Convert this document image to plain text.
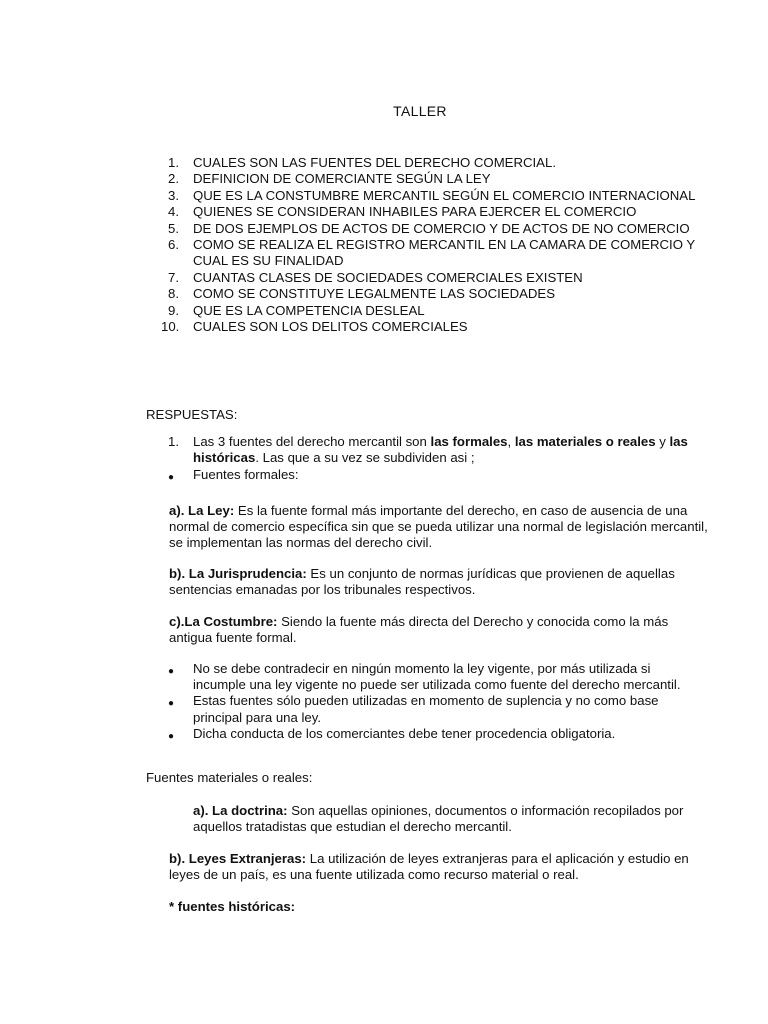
TALLER
1.	CUALES SON LAS FUENTES DEL DERECHO COMERCIAL.
2.	DEFINICION DE COMERCIANTE SEGÚN LA LEY
3.	QUE ES LA CONSTUMBRE MERCANTIL SEGÚN EL COMERCIO INTERNACIONAL
4.	QUIENES SE CONSIDERAN INHABILES PARA EJERCER EL COMERCIO
5.	DE DOS EJEMPLOS DE ACTOS DE COMERCIO Y DE ACTOS DE NO COMERCIO
6.	COMO SE REALIZA EL REGISTRO MERCANTIL EN LA CAMARA DE COMERCIO Y CUAL ES SU FINALIDAD
7.	CUANTAS CLASES DE SOCIEDADES COMERCIALES EXISTEN
8.	COMO SE CONSTITUYE LEGALMENTE LAS SOCIEDADES
9.	QUE ES LA COMPETENCIA DESLEAL
10.	CUALES SON LOS DELITOS COMERCIALES
RESPUESTAS:
1.	Las 3 fuentes del derecho mercantil son las formales, las materiales o reales y las históricas. Las que a su vez se subdividen asi ;
●	Fuentes formales:
a). La Ley: Es la fuente formal más importante del derecho, en caso de ausencia de una normal de comercio específica sin que se pueda utilizar una normal de legislación mercantil, se implementan las normas del derecho civil.
b). La Jurisprudencia: Es un conjunto de normas jurídicas que provienen de aquellas sentencias emanadas por los tribunales respectivos.
c).La Costumbre: Siendo la fuente más directa del Derecho y conocida como la más antigua fuente formal.
●	No se debe contradecir en ningún momento la ley vigente, por más utilizada si incumple una ley vigente no puede ser utilizada como fuente del derecho mercantil.
●	Estas fuentes sólo pueden utilizadas en momento de suplencia y no como base principal para una ley.
●	Dicha conducta de los comerciantes debe tener procedencia obligatoria.
Fuentes materiales o reales:
a). La doctrina: Son aquellas opiniones, documentos o información recopilados por aquellos tratadistas que estudian el derecho mercantil.
b). Leyes Extranjeras: La utilización de leyes extranjeras para el aplicación y estudio en leyes de un país, es una fuente utilizada como recurso material o real.
* fuentes históricas:
